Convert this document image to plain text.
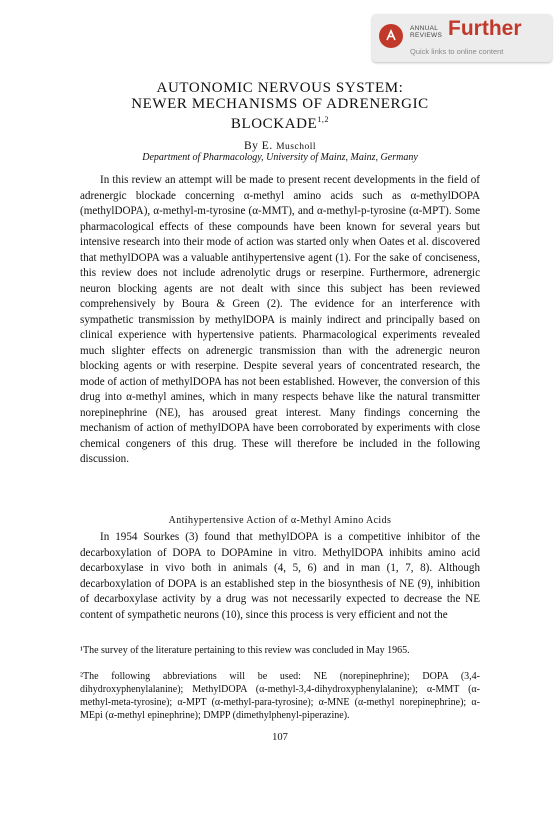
ANNUAL
REVIEWS Further
Quick links to online content
AUTONOMIC NERVOUS SYSTEM:
NEWER MECHANISMS OF ADRENERGIC
BLOCKADE$^{1,2}$
By E. Muscholl
Department of Pharmacology, University of Mainz, Mainz, Germany

In this review an attempt will be made to present recent developments in the field of adrenergic blockade concerning α-methyl amino acids such as α-methylDOPA (methylDOPA), α-methyl-m-tyrosine (α-MMT), and α-methyl-p-tyrosine (α-MPT). Some pharmacological effects of these compounds have been known for several years but intensive research into their mode of action was started only when Oates et al. discovered that methylDOPA was a valuable antihypertensive agent (1). For the sake of conciseness, this review does not include adrenolytic drugs or reserpine. Furthermore, adrenergic neuron blocking agents are not dealt with since this subject has been reviewed comprehensively by Boura & Green (2). The evidence for an interference with sympathetic transmission by methylDOPA is mainly indirect and principally based on clinical experience with hypertensive patients. Pharmacological experiments revealed much slighter effects on adrenergic transmission than with the adrenergic neuron blocking agents or with reserpine. Despite several years of concentrated research, the mode of action of methylDOPA has not been established. However, the conversion of this drug into α-methyl amines, which in many respects behave like the natural transmitter norepinephrine (NE), has aroused great interest. Many findings concerning the mechanism of action of methylDOPA have been corroborated by experiments with close chemical congeners of this drug. These will therefore be included in the following discussion.

Antihypertensive Action of α-Methyl Amino Acids

In 1954 Sourkes (3) found that methylDOPA is a competitive inhibitor of the decarboxylation of DOPA to DOPAmine in vitro. MethylDOPA inhibits amino acid decarboxylase in vivo both in animals (4, 5, 6) and in man (1, 7, 8). Although decarboxylation of DOPA is an established step in the biosynthesis of NE (9), inhibition of decarboxylase activity by a drug was not necessarily expected to decrease the NE content of sympathetic neurons (10), since this process is very efficient and not the

¹The survey of the literature pertaining to this review was concluded in May 1965.

²The following abbreviations will be used: NE (norepinephrine); DOPA (3,4-dihydroxyphenylalanine); MethylDOPA (α-methyl-3,4-dihydroxyphenylalanine); α-MMT (α-methyl-meta-tyrosine); α-MPT (α-methyl-para-tyrosine); α-MNE (α-methyl norepinephrine); α-MEpi (α-methyl epinephrine); DMPP (dimethylphenyl-piperazine).

107
